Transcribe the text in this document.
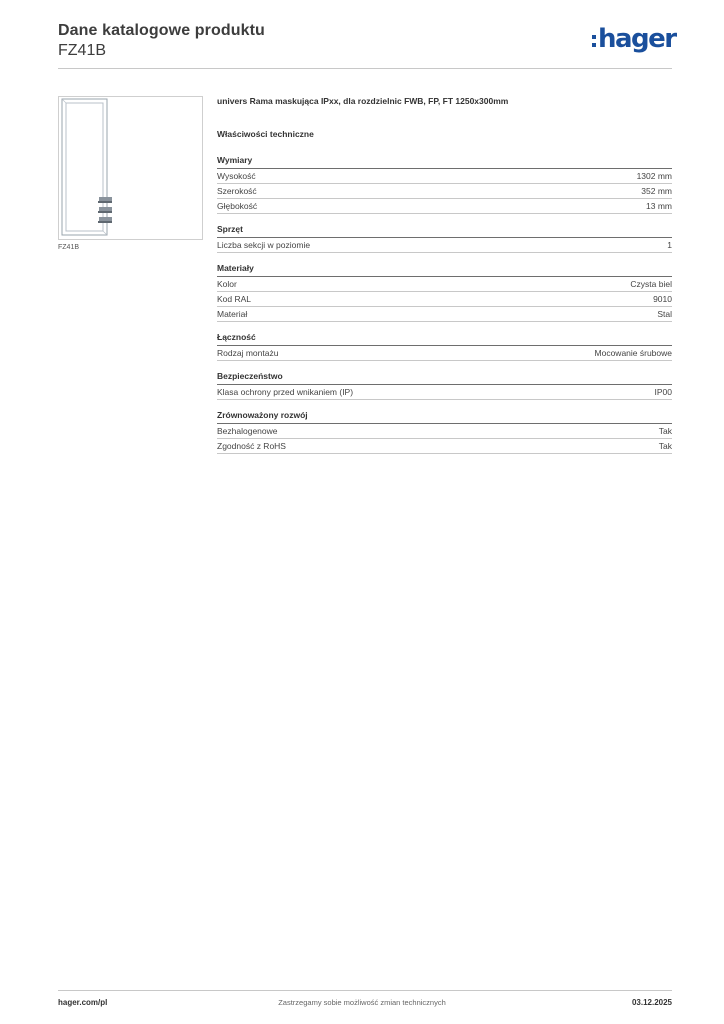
Dane katalogowe produktu
FZ41B	hager
FZ41B
univers Rama maskująca IPxx, dla rozdzielnic FWB, FP, FT 1250x300mm
Właściwości techniczne
Wymiary
Wysokość	1302 mm
Szerokość	352 mm
Głębokość	13 mm
Sprzęt
Liczba sekcji w poziomie	1
Materiały
Kolor	Czysta biel
Kod RAL	9010
Materiał	Stal
Łączność
Rodzaj montażu	Mocowanie śrubowe
Bezpieczeństwo
Klasa ochrony przed wnikaniem (IP)	IP00
Zrównoważony rozwój
Bezhalogenowe	Tak
Zgodność z RoHS	Tak
hager.com/pl	Zastrzegamy sobie możliwość zmian technicznych	03.12.2025
